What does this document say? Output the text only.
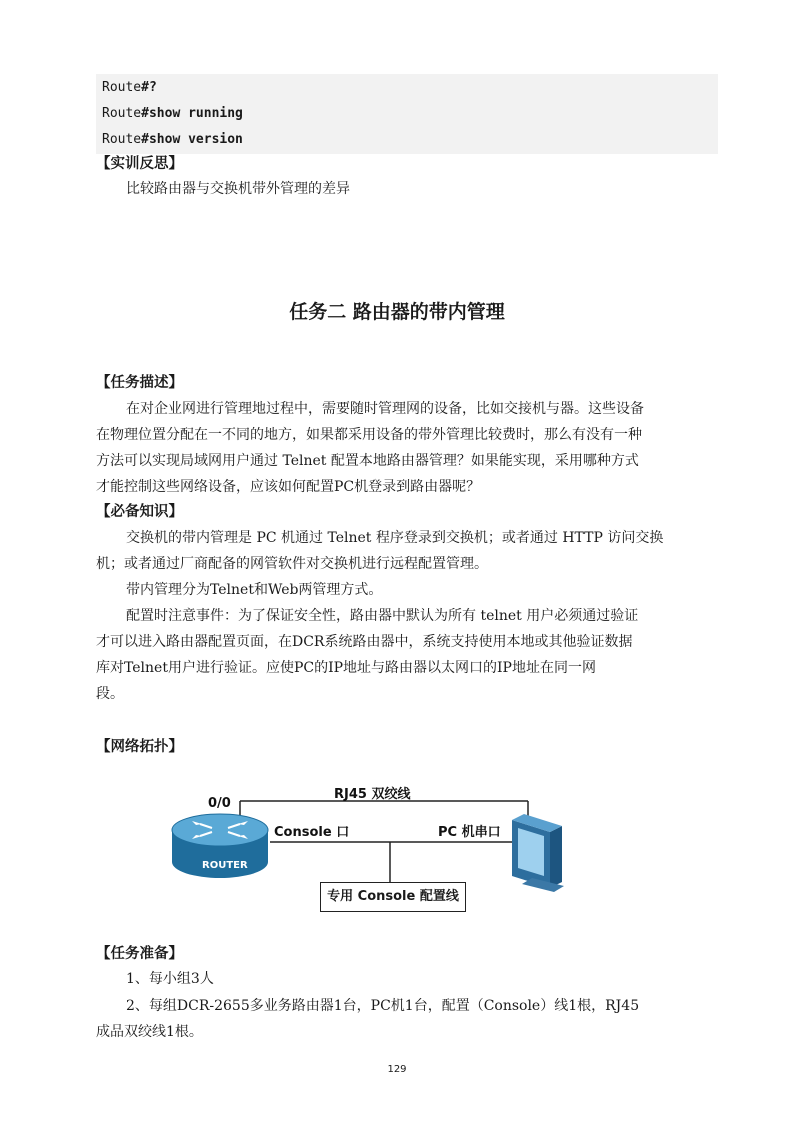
Route#?
Route#show running
Route#show version
【实训反思】
比较路由器与交换机带外管理的差异
任务二 路由器的带内管理
【任务描述】
在对企业网进行管理地过程中，需要随时管理网的设备，比如交接机与器。这些设备
在物理位置分配在一不同的地方，如果都采用设备的带外管理比较费时，那么有没有一种
方法可以实现局域网用户通过 Telnet 配置本地路由器管理？如果能实现，采用哪种方式
才能控制这些网络设备，应该如何配置PC机登录到路由器呢？
【必备知识】
交换机的带内管理是 PC 机通过 Telnet 程序登录到交换机；或者通过 HTTP 访问交换
机；或者通过厂商配备的网管软件对交换机进行远程配置管理。
带内管理分为Telnet和Web两管理方式。
配置时注意事件：为了保证安全性，路由器中默认为所有 telnet 用户必须通过验证
才可以进入路由器配置页面，在DCR系统路由器中，系统支持使用本地或其他验证数据
库对Telnet用户进行验证。应使PC的IP地址与路由器以太网口的IP地址在同一网
段。
【网络拓扑】
ROUTER
0/0
RJ45 双绞线
Console 口	PC 机串口
专用 Console 配置线
【任务准备】
1、每小组3人
2、每组DCR-2655多业务路由器1台，PC机1台，配置（Console）线1根，RJ45
成品双绞线1根。
129
